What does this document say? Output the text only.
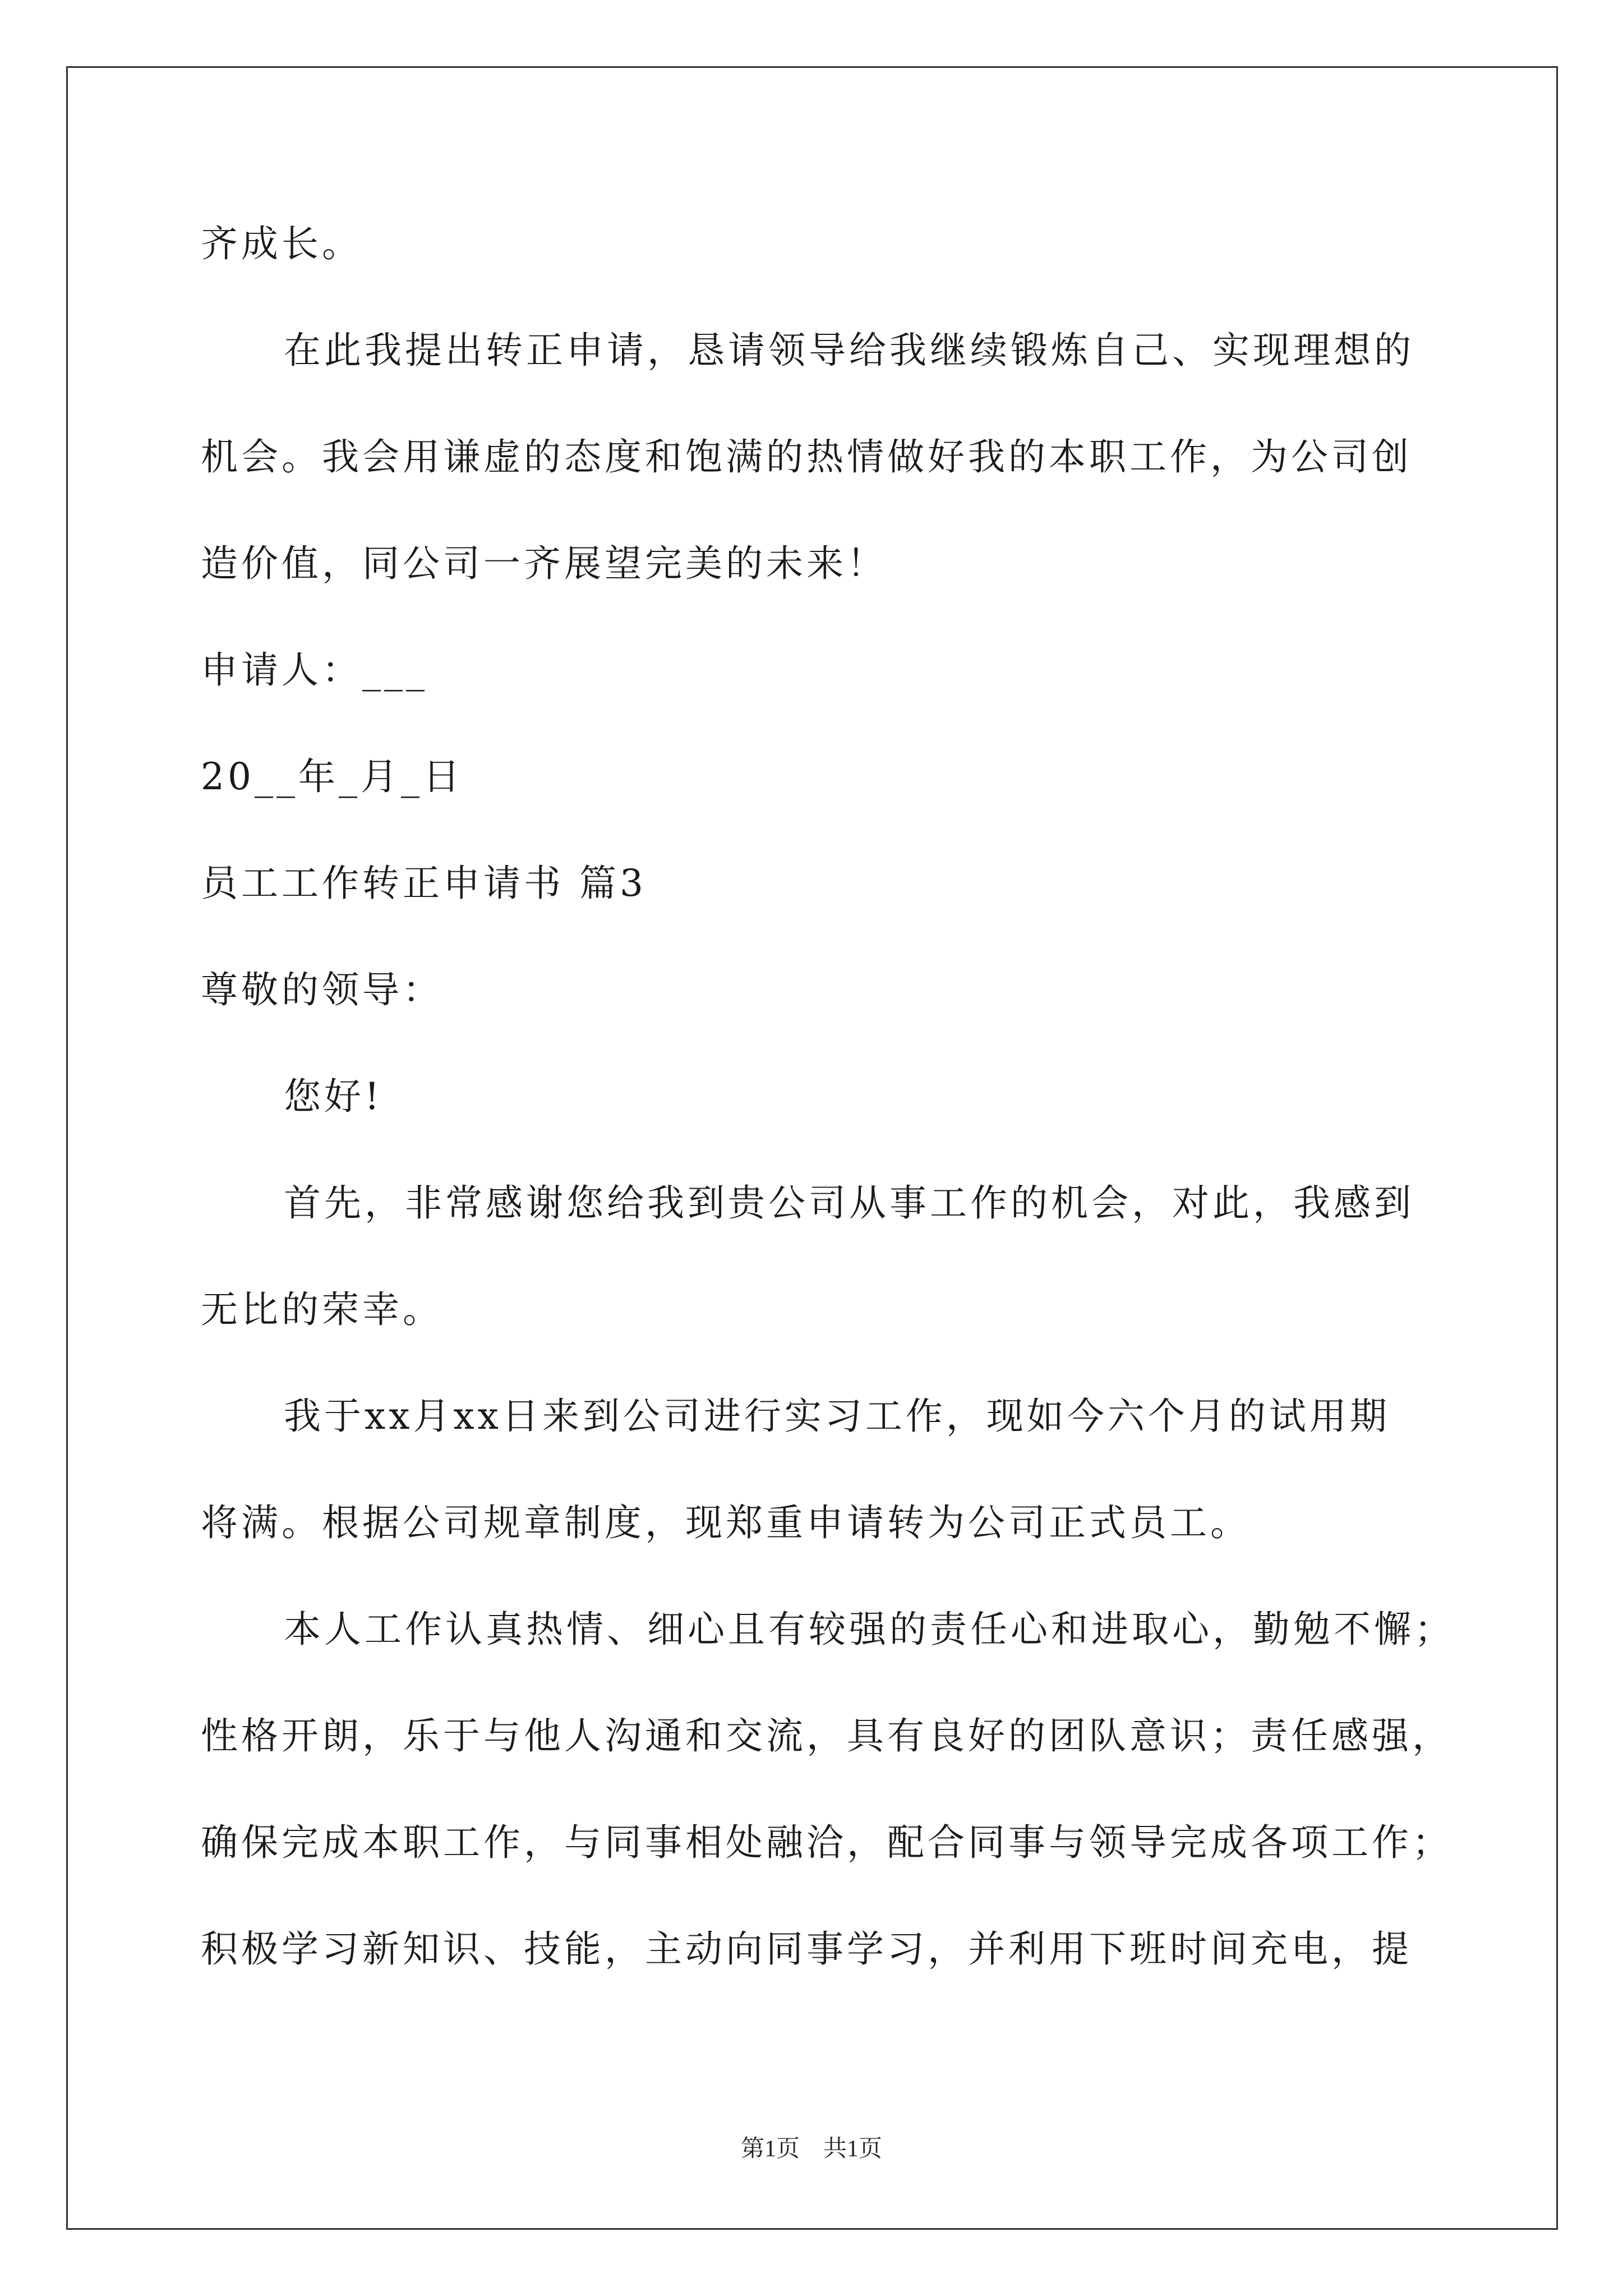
齐成长。
在此我提出转正申请，恳请领导给我继续锻炼自己、实现理想的
机会。我会用谦虚的态度和饱满的热情做好我的本职工作，为公司创
造价值，同公司一齐展望完美的未来！
申请人：___
20__年_月_日
员工工作转正申请书 篇3
尊敬的领导：
您好!
首先，非常感谢您给我到贵公司从事工作的机会，对此，我感到
无比的荣幸。
我于xx月xx日来到公司进行实习工作，现如今六个月的试用期
将满。根据公司规章制度，现郑重申请转为公司正式员工。
本人工作认真热情、细心且有较强的责任心和进取心，勤勉不懈；
性格开朗，乐于与他人沟通和交流，具有良好的团队意识；责任感强，
确保完成本职工作，与同事相处融洽，配合同事与领导完成各项工作；
积极学习新知识、技能，主动向同事学习，并利用下班时间充电，提
第1页　共1页
